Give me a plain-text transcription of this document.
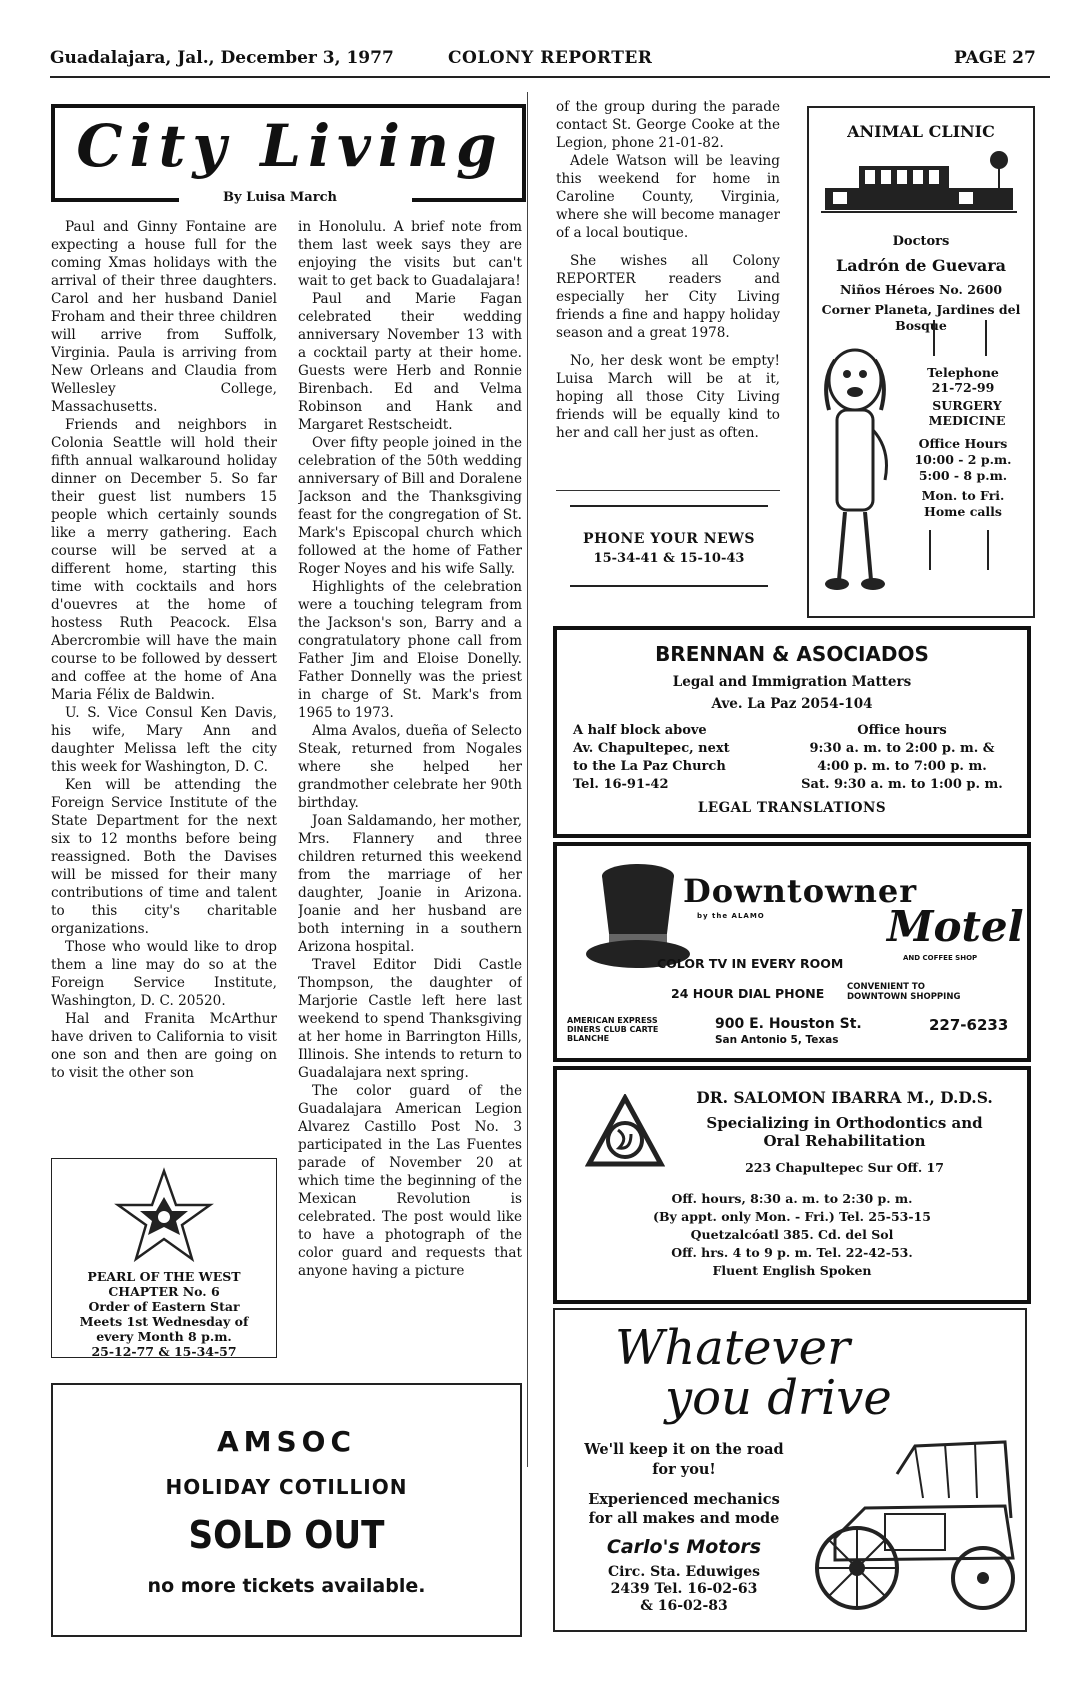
Guadalajara, Jal., December 3, 1977	COLONY REPORTER	PAGE 27
City Living
By Luisa March

Paul and Ginny Fontaine are expecting a house full for the coming Xmas holidays with the arrival of their three daughters. Carol and her husband Daniel Froham and their three children will arrive from Suffolk, Virginia. Paula is arriving from New Orleans and Claudia from Wellesley College, Massachusetts.

Friends and neighbors in Colonia Seattle will hold their fifth annual walkaround holiday dinner on December 5. So far their guest list numbers 15 people which certainly sounds like a merry gathering. Each course will be served at a different home, starting this time with cocktails and hors d'ouevres at the home of hostess Ruth Peacock. Elsa Abercrombie will have the main course to be followed by dessert and coffee at the home of Ana Maria Félix de Baldwin.

U. S. Vice Consul Ken Davis, his wife, Mary Ann and daughter Melissa left the city this week for Washington, D. C.

Ken will be attending the Foreign Service Institute of the State Department for the next six to 12 months before being reassigned. Both the Davises will be missed for their many contributions of time and talent to this city's charitable organizations.

Those who would like to drop them a line may do so at the Foreign Service Institute, Washington, D. C. 20520.

Hal and Franita McArthur have driven to California to visit one son and then are going on to visit the other son

in Honolulu. A brief note from them last week says they are enjoying the visits but can't wait to get back to Guadalajara!

Paul and Marie Fagan celebrated their wedding anniversary November 13 with a cocktail party at their home. Guests were Herb and Ronnie Birenbach. Ed and Velma Robinson and Hank and Margaret Restscheidt.

Over fifty people joined in the celebration of the 50th wedding anniversary of Bill and Doralene Jackson and the Thanksgiving feast for the congregation of St. Mark's Episcopal church which followed at the home of Father Roger Noyes and his wife Sally.

Highlights of the celebration were a touching telegram from the Jackson's son, Barry and a congratulatory phone call from Father Jim and Eloise Donelly. Father Donnelly was the priest in charge of St. Mark's from 1965 to 1973.

Alma Avalos, dueña of Selecto Steak, returned from Nogales where she helped her grandmother celebrate her 90th birthday.

Joan Saldamando, her mother, Mrs. Flannery and three children returned this weekend from the marriage of her daughter, Joanie in Arizona. Joanie and her husband are both interning in a southern Arizona hospital.

Travel Editor Didi Castle Thompson, the daughter of Marjorie Castle left here last weekend to spend Thanksgiving at her home in Barrington Hills, Illinois. She intends to return to Guadalajara next spring.

The color guard of the Guadalajara American Legion Alvarez Castillo Post No. 3 participated in the Las Fuentes parade of November 20 at which time the beginning of the Mexican Revolution is celebrated. The post would like to have a photograph of the color guard and requests that anyone having a picture

of the group during the parade contact St. George Cooke at the Legion, phone 21-01-82.

Adele Watson will be leaving this weekend for home in Caroline County, Virginia, where she will become manager of a local boutique.

She wishes all Colony REPORTER readers and especially her City Living friends a fine and happy holiday season and a great 1978.

No, her desk wont be empty! Luisa March will be at it, hoping all those City Living friends will be equally kind to her and call her just as often.

PHONE YOUR NEWS
15-34-41 & 15-10-43
ANIMAL CLINIC
Doctors
Ladrón de Guevara
Niños Héroes No. 2600
Corner Planeta, Jardines del Bosque
Telephone
21-72-99
SURGERY MEDICINE
Office Hours
10:00 - 2 p.m.
5:00 - 8 p.m.
Mon. to Fri.
Home calls
BRENNAN & ASOCIADOS
Legal and Immigration Matters
Ave. La Paz 2054-104
A half block above
Av. Chapultepec, next
to the La Paz Church
Tel. 16-91-42
Office hours
9:30 a. m. to 2:00 p. m. &
4:00 p. m. to 7:00 p. m.
Sat. 9:30 a. m. to 1:00 p. m.
LEGAL TRANSLATIONS
Downtowner
by the ALAMO	Motel
AND COFFEE SHOP
COLOR TV IN EVERY ROOM
24 HOUR DIAL PHONE	CONVENIENT TO DOWNTOWN SHOPPING
AMERICAN EXPRESS DINERS CLUB CARTE BLANCHE
900 E. Houston St.
San Antonio 5, Texas
227-6233
DR. SALOMON IBARRA M., D.D.S.
Specializing in Orthodontics and
Oral Rehabilitation
223 Chapultepec Sur Off. 17
Off. hours, 8:30 a. m. to 2:30 p. m.
(By appt. only Mon. - Fri.) Tel. 25-53-15
Quetzalcóatl 385. Cd. del Sol
Off. hrs. 4 to 9 p. m. Tel. 22-42-53.
Fluent English Spoken
PEARL OF THE WEST
CHAPTER No. 6
Order of Eastern Star
Meets 1st Wednesday of
every Month 8 p.m.
25-12-77 & 15-34-57
AMSOC
HOLIDAY COTILLION
SOLD OUT
no more tickets available.
Whatever
you drive
We'll keep it on the road
for you!
Experienced mechanics
for all makes and mode
Carlo's Motors
Circ. Sta. Eduwiges
2439 Tel. 16-02-63
& 16-02-83
